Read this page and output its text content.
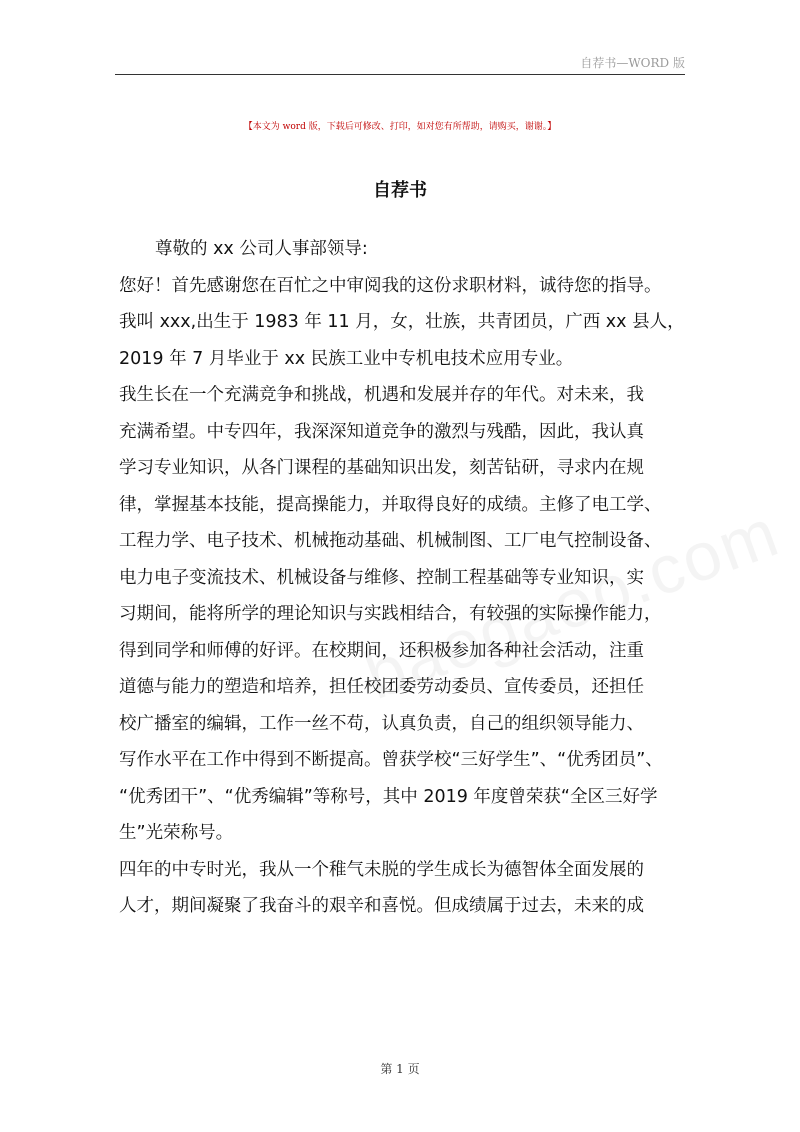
自荐书—WORD 版
【本文为 word 版，下载后可修改、打印，如对您有所帮助，请购买，谢谢。】
自荐书
尊敬的 xx 公司人事部领导:
您好！首先感谢您在百忙之中审阅我的这份求职材料，诚待您的指导。
我叫 xxx,出生于 1983 年 11 月，女，壮族，共青团员，广西 xx 县人，
2019 年 7 月毕业于 xx 民族工业中专机电技术应用专业。
我生长在一个充满竞争和挑战，机遇和发展并存的年代。对未来，我
充满希望。中专四年，我深深知道竞争的激烈与残酷，因此，我认真
学习专业知识，从各门课程的基础知识出发，刻苦钻研，寻求内在规
律，掌握基本技能，提高操能力，并取得良好的成绩。主修了电工学、
工程力学、电子技术、机械拖动基础、机械制图、工厂电气控制设备、
电力电子变流技术、机械设备与维修、控制工程基础等专业知识，实
习期间，能将所学的理论知识与实践相结合，有较强的实际操作能力，
得到同学和师傅的好评。在校期间，还积极参加各种社会活动，注重
道德与能力的塑造和培养，担任校团委劳动委员、宣传委员，还担任
校广播室的编辑，工作一丝不苟，认真负责，自己的组织领导能力、
写作水平在工作中得到不断提高。曾获学校“三好学生”、“优秀团员”、
“优秀团干”、“优秀编辑”等称号，其中 2019 年度曾荣获“全区三好学
生”光荣称号。
四年的中专时光，我从一个稚气未脱的学生成长为德智体全面发展的
人才，期间凝聚了我奋斗的艰辛和喜悦。但成绩属于过去，未来的成
第 1 页
